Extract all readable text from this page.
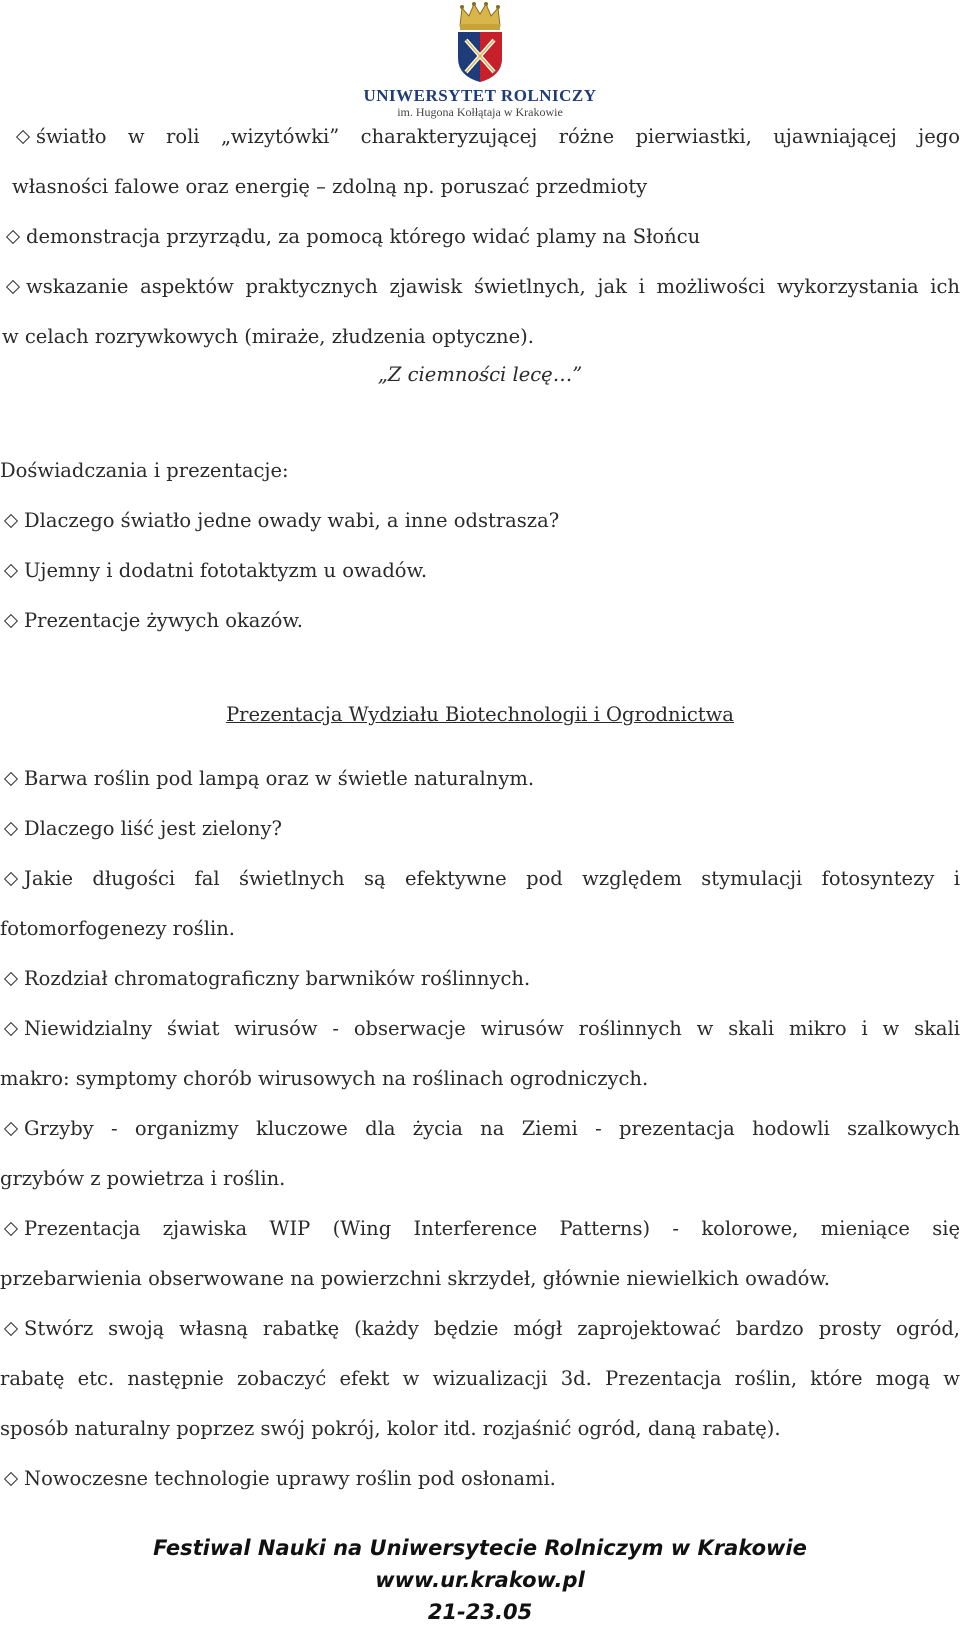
UNIWERSYTET ROLNICZY
im. Hugona Kołłątaja w Krakowie
światło w roli „wizytówki” charakteryzującej różne pierwiastki, ujawniającej jego
własności falowe oraz energię – zdolną np. poruszać przedmioty
demonstracja przyrządu, za pomocą którego widać plamy na Słońcu
wskazanie aspektów praktycznych zjawisk świetlnych, jak i możliwości wykorzystania ich
w celach rozrywkowych (miraże, złudzenia optyczne).
„Z ciemności lecę…”
Doświadczania i prezentacje:
Dlaczego światło jedne owady wabi, a inne odstrasza?
Ujemny i dodatni fototaktyzm u owadów.
Prezentacje żywych okazów.
Prezentacja Wydziału Biotechnologii i Ogrodnictwa
Barwa roślin pod lampą oraz w świetle naturalnym.
Dlaczego liść jest zielony?
Jakie długości fal świetlnych są efektywne pod względem stymulacji fotosyntezy i
fotomorfogenezy roślin.
Rozdział chromatograficzny barwników roślinnych.
Niewidzialny świat wirusów - obserwacje wirusów roślinnych w skali mikro i w skali
makro: symptomy chorób wirusowych na roślinach ogrodniczych.
Grzyby - organizmy kluczowe dla życia na Ziemi - prezentacja hodowli szalkowych
grzybów z powietrza i roślin.
Prezentacja zjawiska WIP (Wing Interference Patterns) - kolorowe, mieniące się
przebarwienia obserwowane na powierzchni skrzydeł, głównie niewielkich owadów.
Stwórz swoją własną rabatkę (każdy będzie mógł zaprojektować bardzo prosty ogród,
rabatę etc. następnie zobaczyć efekt w wizualizacji 3d. Prezentacja roślin, które mogą w
sposób naturalny poprzez swój pokrój, kolor itd. rozjaśnić ogród, daną rabatę).
Nowoczesne technologie uprawy roślin pod osłonami.
Festiwal Nauki na Uniwersytecie Rolniczym w Krakowie
www.ur.krakow.pl
21-23.05
